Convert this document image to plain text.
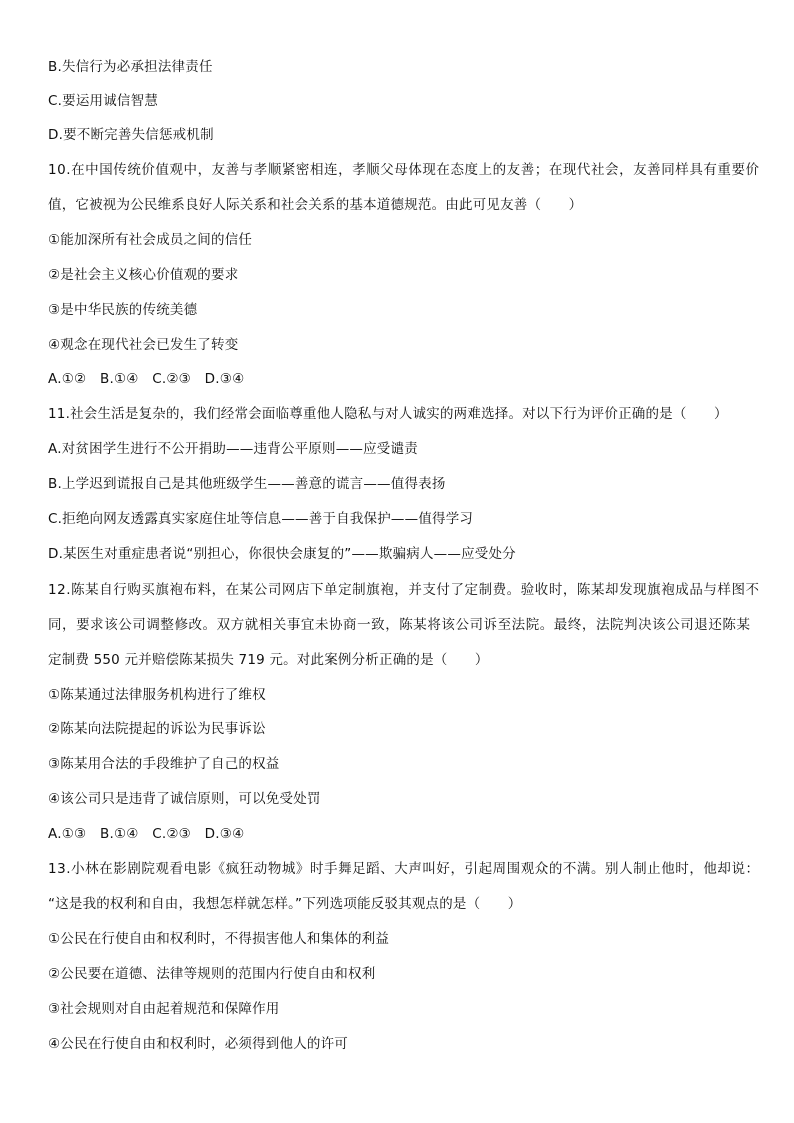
B.失信行为必承担法律责任
C.要运用诚信智慧
D.要不断完善失信惩戒机制
10.在中国传统价值观中，友善与孝顺紧密相连，孝顺父母体现在态度上的友善；在现代社会，友善同样具有重要价
值，它被视为公民维系良好人际关系和社会关系的基本道德规范。由此可见友善（　　）
①能加深所有社会成员之间的信任
②是社会主义核心价值观的要求
③是中华民族的传统美德
④观念在现代社会已发生了转变
A.①②　B.①④　C.②③　D.③④
11.社会生活是复杂的，我们经常会面临尊重他人隐私与对人诚实的两难选择。对以下行为评价正确的是（　　）
A.对贫困学生进行不公开捐助——违背公平原则——应受谴责
B.上学迟到谎报自己是其他班级学生——善意的谎言——值得表扬
C.拒绝向网友透露真实家庭住址等信息——善于自我保护——值得学习
D.某医生对重症患者说“别担心，你很快会康复的”——欺骗病人——应受处分
12.陈某自行购买旗袍布料，在某公司网店下单定制旗袍，并支付了定制费。验收时，陈某却发现旗袍成品与样图不
同，要求该公司调整修改。双方就相关事宜未协商一致，陈某将该公司诉至法院。最终，法院判决该公司退还陈某
定制费 550 元并赔偿陈某损失 719 元。对此案例分析正确的是（　　）
①陈某通过法律服务机构进行了维权
②陈某向法院提起的诉讼为民事诉讼
③陈某用合法的手段维护了自己的权益
④该公司只是违背了诚信原则，可以免受处罚
A.①③　B.①④　C.②③　D.③④
13.小林在影剧院观看电影《疯狂动物城》时手舞足蹈、大声叫好，引起周围观众的不满。别人制止他时，他却说：
“这是我的权利和自由，我想怎样就怎样。”下列选项能反驳其观点的是（　　）
①公民在行使自由和权利时，不得损害他人和集体的利益
②公民要在道德、法律等规则的范围内行使自由和权利
③社会规则对自由起着规范和保障作用
④公民在行使自由和权利时，必须得到他人的许可
